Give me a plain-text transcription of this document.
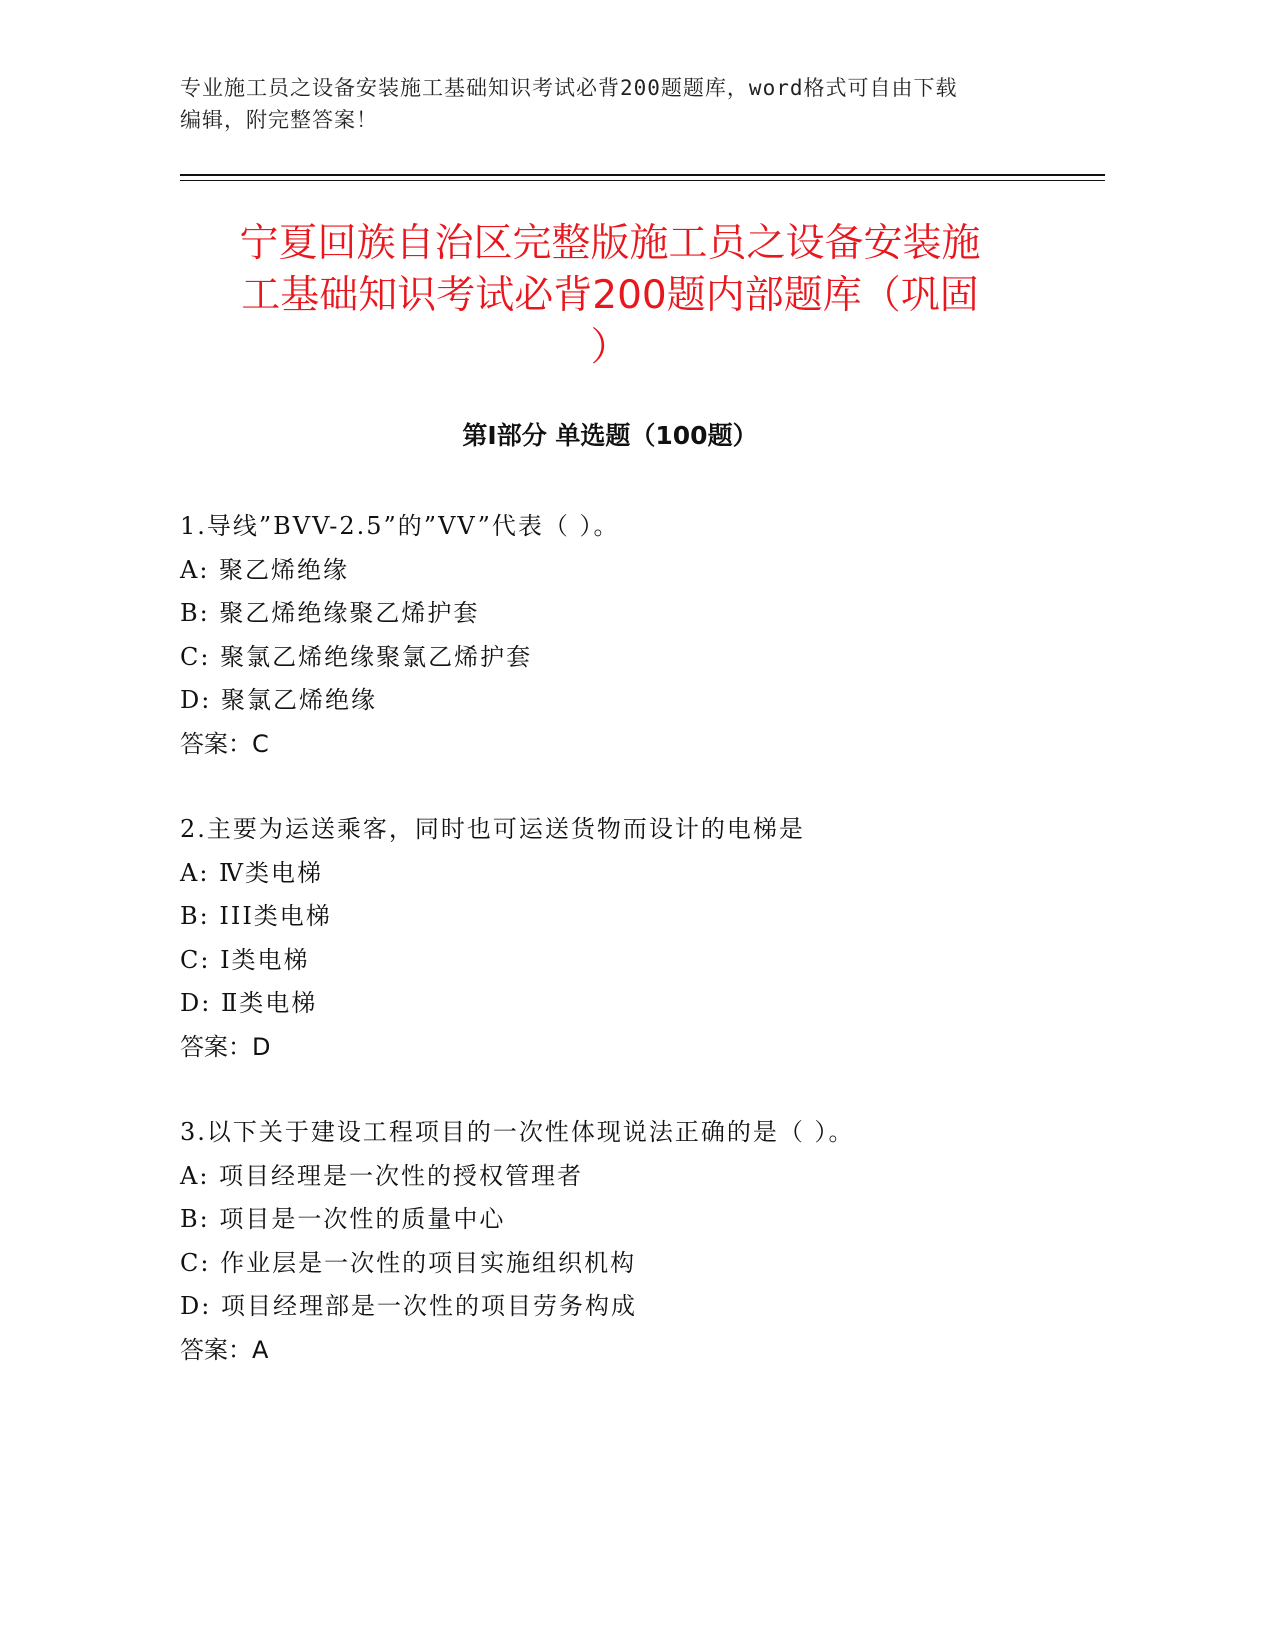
专业施工员之设备安装施工基础知识考试必背200题题库，word格式可自由下载
编辑，附完整答案！
宁夏回族自治区完整版施工员之设备安装施
工基础知识考试必背200题内部题库（巩固
）
第Ⅰ部分 单选题（100题）
1.导线”BVV-2.5”的”VV”代表（ ）。
A: 聚乙烯绝缘
B: 聚乙烯绝缘聚乙烯护套
C: 聚氯乙烯绝缘聚氯乙烯护套
D: 聚氯乙烯绝缘
答案：C
2.主要为运送乘客，同时也可运送货物而设计的电梯是
A: Ⅳ类电梯
B: III类电梯
C: I类电梯
D: Ⅱ类电梯
答案：D
3.以下关于建设工程项目的一次性体现说法正确的是（ ）。
A: 项目经理是一次性的授权管理者
B: 项目是一次性的质量中心
C: 作业层是一次性的项目实施组织机构
D: 项目经理部是一次性的项目劳务构成
答案：A
